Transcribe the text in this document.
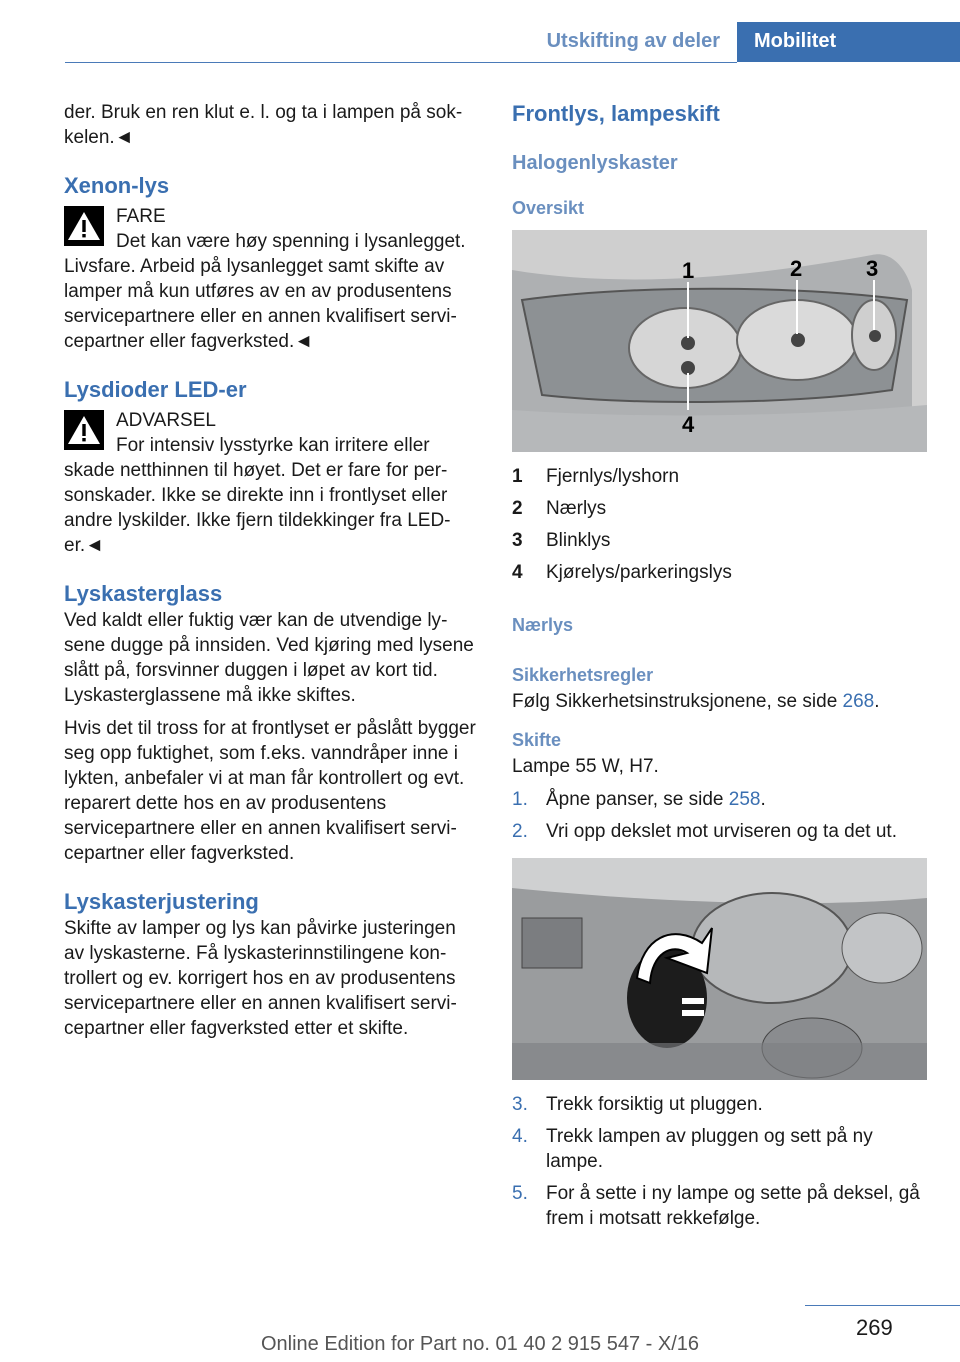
Utskifting av deler	Mobilitet

der. Bruk en ren klut e. l. og ta i lampen på sokkelen.◄

Xenon-lys
FARE
Det kan være høy spenning i lysanlegget. Livsfare. Arbeid på lysanlegget samt skifte av lamper må kun utføres av en av produsentens servicepartnere eller en annen kvalifisert servicepartner eller fagverksted.◄
Lysdioder LED-er
ADVARSEL
For intensiv lysstyrke kan irritere eller skade netthinnen til høyet. Det er fare for personskader. Ikke se direkte inn i frontlyset eller andre lyskilder. Ikke fjern tildekkinger fra LED-er.◄
Lyskasterglass

Ved kaldt eller fuktig vær kan de utvendige lysene dugge på innsiden. Ved kjøring med lysene slått på, forsvinner duggen i løpet av kort tid. Lyskasterglassene må ikke skiftes.

Hvis det til tross for at frontlyset er påslått bygger seg opp fuktighet, som f.eks. vanndråper inne i lykten, anbefaler vi at man får kontrollert og evt. reparert dette hos en av produsentens servicepartnere eller en annen kvalifisert servicepartner eller fagverksted.

Lyskasterjustering

Skifte av lamper og lys kan påvirke justeringen av lyskasterne. Få lyskasterinnstilingene kontrollert og ev. korrigert hos en av produsentens servicepartnere eller en annen kvalifisert servicepartner eller fagverksted etter et skifte.

Frontlys, lampeskift
Halogenlyskaster
Oversikt
1	2	3
4
1	Fjernlys/lyshorn
2	Nærlys
3	Blinklys
4	Kjørelys/parkeringslys
Nærlys
Sikkerhetsregler

Følg Sikkerhetsinstruksjonene, se side 268.

Skifte

Lampe 55 W, H7.

1. Åpne panser, se side 258.
2. Vri opp dekslet mot urviseren og ta det ut.
3. Trekk forsiktig ut pluggen.
4. Trekk lampen av pluggen og sett på ny lampe.
5. For å sette i ny lampe og sette på deksel, gå frem i motsatt rekkefølge.
269
Online Edition for Part no. 01 40 2 915 547 - X/16
